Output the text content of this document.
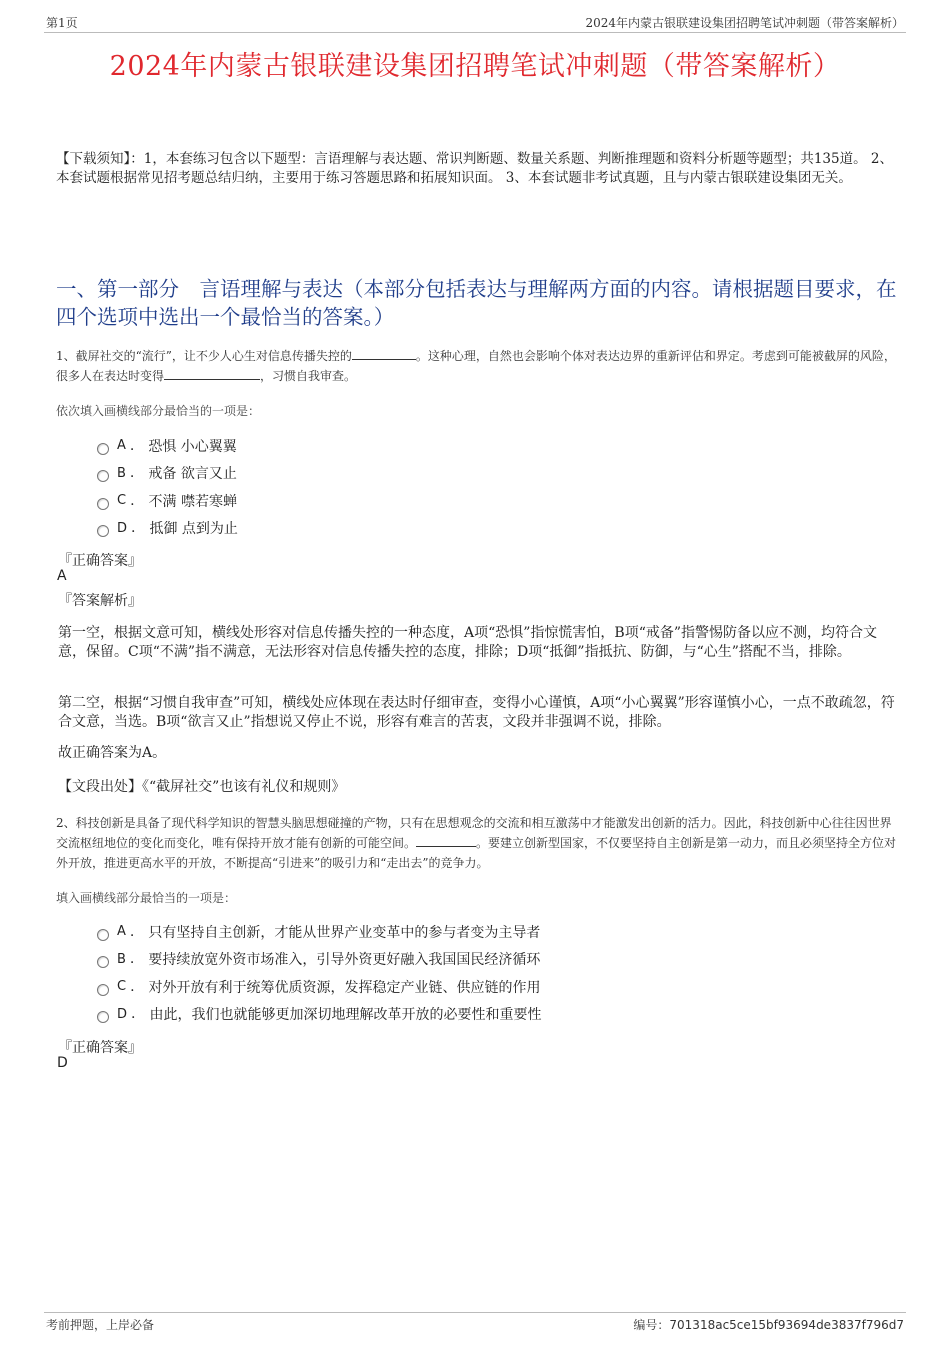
第1页	2024年内蒙古银联建设集团招聘笔试冲刺题（带答案解析）
2024年内蒙古银联建设集团招聘笔试冲刺题（带答案解析）
【下载须知】：1，本套练习包含以下题型：言语理解与表达题、常识判断题、数量关系题、判断推理题和资料分析题等题型；共135道。 2、本套试题根据常见招考题总结归纳，主要用于练习答题思路和拓展知识面。 3、本套试题非考试真题，且与内蒙古银联建设集团无关。
一、第一部分　言语理解与表达（本部分包括表达与理解两方面的内容。请根据题目要求，在四个选项中选出一个最恰当的答案。）
1、截屏社交的“流行”，让不少人心生对信息传播失控的	。这种心理，自然也会影响个体对表达边界的重新评估和界定。考虑到可能被截屏的风险，很多人在表达时变得	，习惯自我审查。
依次填入画横线部分最恰当的一项是：
A . 恐惧 小心翼翼
B . 戒备 欲言又止
C . 不满 噤若寒蝉
D . 抵御 点到为止
『正确答案』
A
『答案解析』
第一空，根据文意可知，横线处形容对信息传播失控的一种态度，A项“恐惧”指惊慌害怕，B项“戒备”指警惕防备以应不测，均符合文意，保留。C项“不满”指不满意，无法形容对信息传播失控的态度，排除；D项“抵御”指抵抗、防御，与“心生”搭配不当，排除。
第二空，根据“习惯自我审查”可知，横线处应体现在表达时仔细审查，变得小心谨慎，A项“小心翼翼”形容谨慎小心，一点不敢疏忽，符合文意，当选。B项“欲言又止”指想说又停止不说，形容有难言的苦衷，文段并非强调不说，排除。
故正确答案为A。
【文段出处】《“截屏社交”也该有礼仪和规则》
2、科技创新是具备了现代科学知识的智慧头脑思想碰撞的产物，只有在思想观念的交流和相互激荡中才能激发出创新的活力。因此，科技创新中心往往因世界交流枢纽地位的变化而变化，唯有保持开放才能有创新的可能空间。	。要建立创新型国家，不仅要坚持自主创新是第一动力，而且必须坚持全方位对外开放，推进更高水平的开放，不断提高“引进来”的吸引力和“走出去”的竞争力。
填入画横线部分最恰当的一项是：
A . 只有坚持自主创新，才能从世界产业变革中的参与者变为主导者
B . 要持续放宽外资市场准入，引导外资更好融入我国国民经济循环
C . 对外开放有利于统筹优质资源，发挥稳定产业链、供应链的作用
D . 由此，我们也就能够更加深切地理解改革开放的必要性和重要性
『正确答案』
D
考前押题，上岸必备	编号：701318ac5ce15bf93694de3837f796d7
